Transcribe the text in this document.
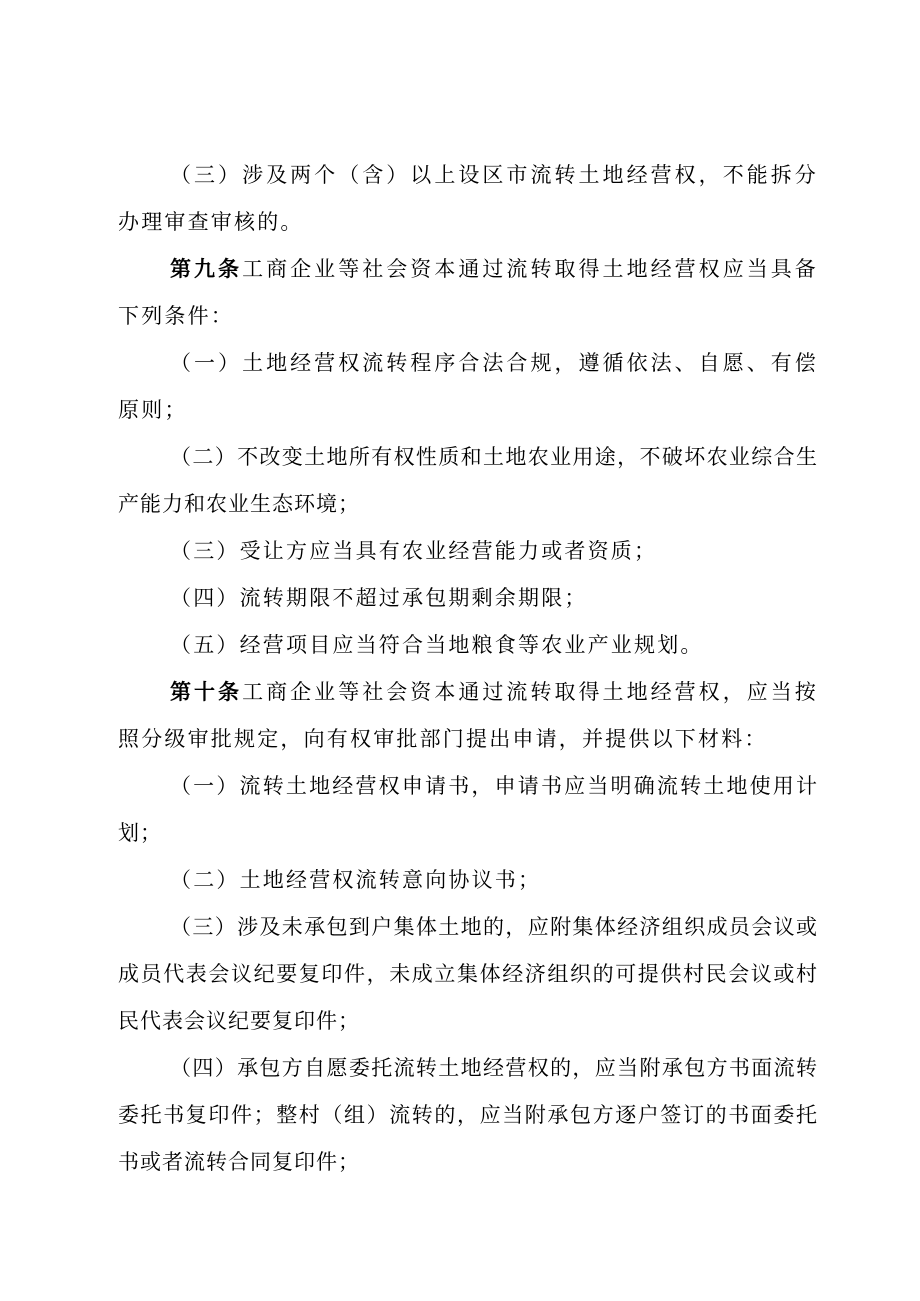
（三）涉及两个（含）以上设区市流转土地经营权，不能拆分办理审查审核的。

第九条工商企业等社会资本通过流转取得土地经营权应当具备下列条件：

（一）土地经营权流转程序合法合规，遵循依法、自愿、有偿原则；

（二）不改变土地所有权性质和土地农业用途，不破坏农业综合生产能力和农业生态环境；

（三）受让方应当具有农业经营能力或者资质；

（四）流转期限不超过承包期剩余期限；

（五）经营项目应当符合当地粮食等农业产业规划。

第十条工商企业等社会资本通过流转取得土地经营权，应当按照分级审批规定，向有权审批部门提出申请，并提供以下材料：

（一）流转土地经营权申请书，申请书应当明确流转土地使用计划；

（二）土地经营权流转意向协议书；

（三）涉及未承包到户集体土地的，应附集体经济组织成员会议或成员代表会议纪要复印件，未成立集体经济组织的可提供村民会议或村民代表会议纪要复印件；

（四）承包方自愿委托流转土地经营权的，应当附承包方书面流转委托书复印件；整村（组）流转的，应当附承包方逐户签订的书面委托书或者流转合同复印件；
